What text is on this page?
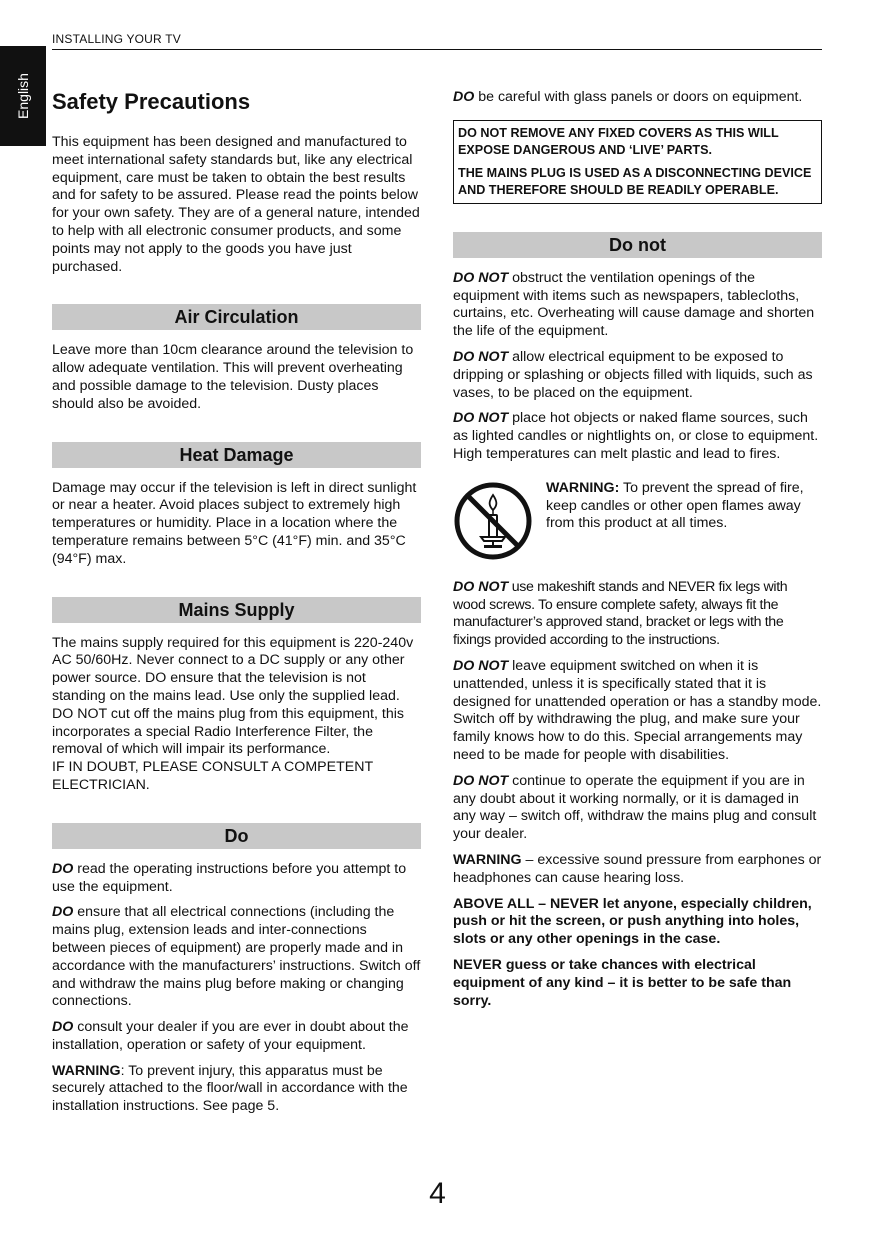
INSTALLING YOUR TV
English Safety Precautions

This equipment has been designed and manufactured to meet international safety standards but, like any electrical equipment, care must be taken to obtain the best results and for safety to be assured. Please read the points below for your own safety. They are of a general nature, intended to help with all electronic consumer products, and some points may not apply to the goods you have just purchased.

Air Circulation

Leave more than 10cm clearance around the television to allow adequate ventilation. This will prevent overheating and possible damage to the television. Dusty places should also be avoided.

Heat Damage

Damage may occur if the television is left in direct sunlight or near a heater. Avoid places subject to extremely high temperatures or humidity. Place in a location where the temperature remains between 5°C (41°F) min. and 35°C (94°F) max.

Mains Supply

The mains supply required for this equipment is 220-240v AC 50/60Hz. Never connect to a DC supply or any other power source. DO ensure that the television is not standing on the mains lead. Use only the supplied lead.

DO NOT cut off the mains plug from this equipment, this incorporates a special Radio Interference Filter, the removal of which will impair its performance.

IF IN DOUBT, PLEASE CONSULT A COMPETENT ELECTRICIAN.

Do

DO read the operating instructions before you attempt to use the equipment.

DO ensure that all electrical connections (including the mains plug, extension leads and inter-connections between pieces of equipment) are properly made and in accordance with the manufacturers’ instructions. Switch off and withdraw the mains plug before making or changing connections.

DO consult your dealer if you are ever in doubt about the installation, operation or safety of your equipment.

WARNING: To prevent injury, this apparatus must be securely attached to the floor/wall in accordance with the installation instructions. See page 5.

DO be careful with glass panels or doors on equipment.

DO NOT REMOVE ANY FIXED COVERS AS THIS WILL EXPOSE DANGEROUS AND ‘LIVE’ PARTS.

THE MAINS PLUG IS USED AS A DISCONNECTING DEVICE AND THEREFORE SHOULD BE READILY OPERABLE.

Do not

DO NOT obstruct the ventilation openings of the equipment with items such as newspapers, tablecloths, curtains, etc. Overheating will cause damage and shorten the life of the equipment.

DO NOT allow electrical equipment to be exposed to dripping or splashing or objects filled with liquids, such as vases, to be placed on the equipment.

DO NOT place hot objects or naked flame sources, such as lighted candles or nightlights on, or close to equipment. High temperatures can melt plastic and lead to fires.

WARNING: To prevent the spread of fire, keep candles or other open flames away from this product at all times.

DO NOT use makeshift stands and NEVER fix legs with wood screws. To ensure complete safety, always fit the manufacturer’s approved stand, bracket or legs with the fixings provided according to the instructions.

DO NOT leave equipment switched on when it is unattended, unless it is specifically stated that it is designed for unattended operation or has a standby mode. Switch off by withdrawing the plug, and make sure your family knows how to do this. Special arrangements may need to be made for people with disabilities.

DO NOT continue to operate the equipment if you are in any doubt about it working normally, or it is damaged in any way – switch off, withdraw the mains plug and consult your dealer.

WARNING – excessive sound pressure from earphones or headphones can cause hearing loss.

ABOVE ALL – NEVER let anyone, especially children, push or hit the screen, or push anything into holes, slots or any other openings in the case.

NEVER guess or take chances with electrical equipment of any kind – it is better to be safe than sorry.

4
